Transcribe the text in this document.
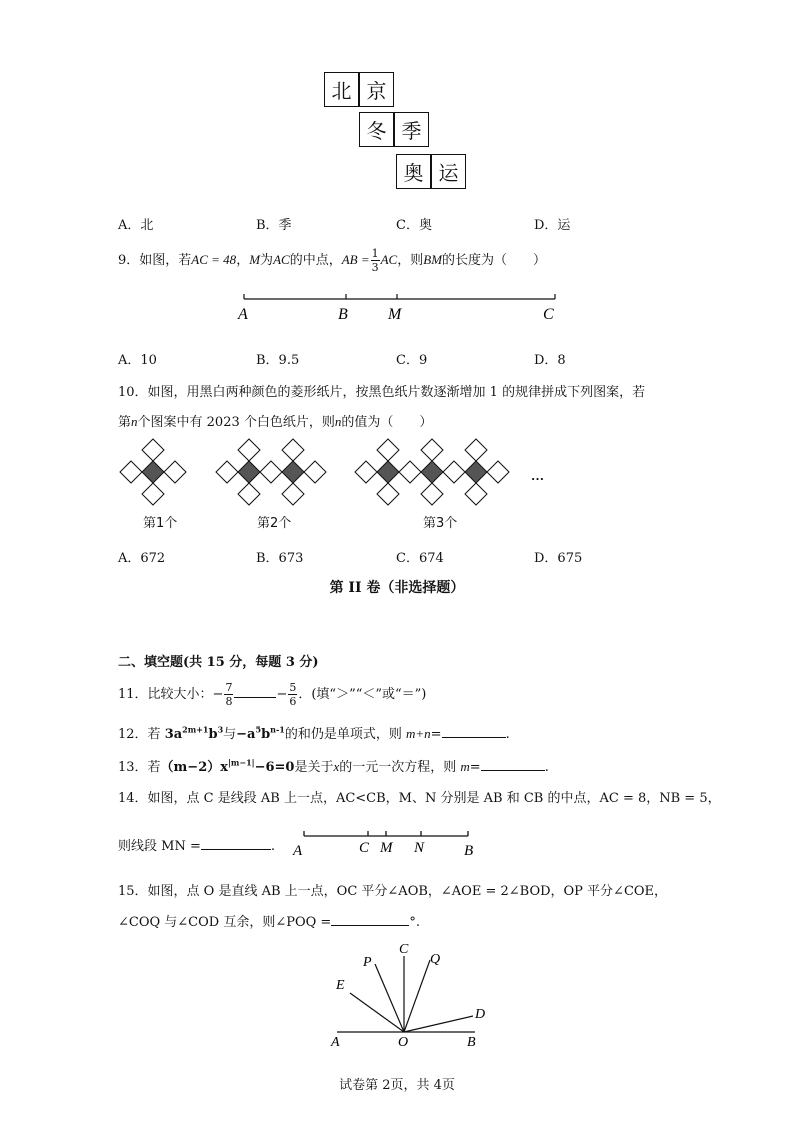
北 京
冬 季
奥 运
A．北	B．季	C．奥	D．运
9．如图，若AC = 48，M为AC的中点，AB = $\frac{1}{3}$ AC，则BM的长度为（　　）
A	B	M	C
A．10	B．9.5	C．9	D．8
10．如图，用黑白两种颜色的菱形纸片，按黑色纸片数逐渐增加 1 的规律拼成下列图案，若
第n个图案中有 2023 个白色纸片，则n的值为（　　）
…
第1个	第2个	第3个
A．672	B．673	C．674	D．675
第 II 卷（非选择题）
二、填空题(共 15 分，每题 3 分)
11．比较大小：− $\frac{7}{8}$	− $\frac{5}{6}$ ．(填“＞”“＜”或“＝”)
12．若 $3a^{2m+1}b^3$与$-a^5b^{n-1}$的和仍是单项式，则 m+n=	.
13．若$(m-2)x^{|m-1|}-6=0$是关于x的一元一次方程，则 m=	.
14．如图，点 C 是线段 AB 上一点，AC<CB，M、N 分别是 AB 和 CB 的中点，AC = 8，NB = 5，
则线段 MN =	. A	C M N	B
15．如图，点 O 是直线 AB 上一点，OC 平分∠AOB，∠AOE = 2∠BOD，OP 平分∠COE，
∠COQ 与∠COD 互余，则∠POQ =	°.
A	O	B
C
P	Q
E
D
试卷第 2页，共 4页
